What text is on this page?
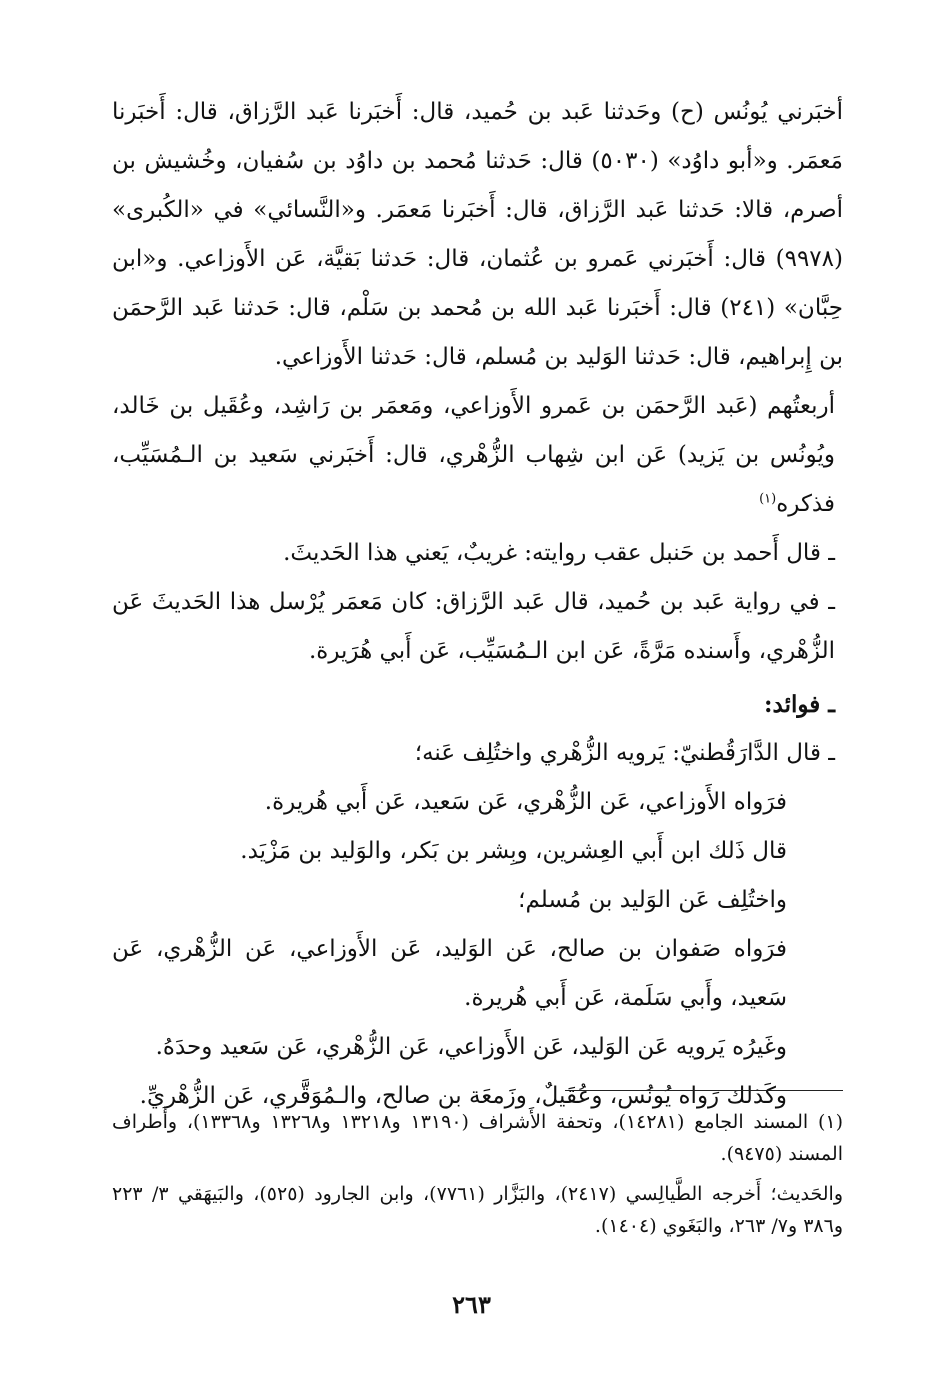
أخبَرني يُونُس (ح) وحَدثنا عَبد بن حُميد، قال: أَخبَرنا عَبد الرَّزاق، قال: أَخبَرنا مَعمَر. و«أبو داوُد» (٥٠٣٠) قال: حَدثنا مُحمد بن داوُد بن سُفيان، وخُشيش بن أصرم، قالا: حَدثنا عَبد الرَّزاق، قال: أَخبَرنا مَعمَر. و«النَّسائي» في «الكُبرى» (٩٩٧٨) قال: أَخبَرني عَمرو بن عُثمان، قال: حَدثنا بَقيَّة، عَن الأَوزاعي. و«ابن حِبَّان» (٢٤١) قال: أَخبَرنا عَبد الله بن مُحمد بن سَلْم، قال: حَدثنا عَبد الرَّحمَن بن إِبراهيم، قال: حَدثنا الوَليد بن مُسلم، قال: حَدثنا الأَوزاعي.

أربعتُهم (عَبد الرَّحمَن بن عَمرو الأَوزاعي، ومَعمَر بن رَاشِد، وعُقَيل بن خَالد، ويُونُس بن يَزيد) عَن ابن شِهاب الزُّهْري، قال: أَخبَرني سَعيد بن الـمُسَيِّب، فذكره$^{(١)}$

ـ قال أَحمد بن حَنبل عقب روايته: غريبٌ، يَعني هذا الحَديثَ.

ـ في رواية عَبد بن حُميد، قال عَبد الرَّزاق: كان مَعمَر يُرْسل هذا الحَديثَ عَن الزُّهْري، وأَسنده مَرَّةً، عَن ابن الـمُسَيِّب، عَن أَبي هُرَيرة.

ـ فوائد:

ـ قال الدَّارَقُطنيّ: يَرويه الزُّهْري واختُلِف عَنه؛

فرَواه الأَوزاعي، عَن الزُّهْري، عَن سَعيد، عَن أَبي هُريرة.

قال ذَلك ابن أَبي العِشرين، وبِشر بن بَكر، والوَليد بن مَزْيَد.

واختُلِف عَن الوَليد بن مُسلم؛

فرَواه صَفوان بن صالح، عَن الوَليد، عَن الأَوزاعي، عَن الزُّهْري، عَن سَعيد، وأَبي سَلَمة، عَن أَبي هُريرة.

وغَيرُه يَرويه عَن الوَليد، عَن الأَوزاعي، عَن الزُّهْري، عَن سَعيد وحدَهُ.

وكَذلك رَواه يُونُس، وعُقَيلٌ، وزَمعَة بن صالح، والـمُوَقَّري، عَن الزُّهْريِّ.

(١) المسند الجامع (١٤٢٨١)، وتحفة الأَشراف (١٣١٩٠ و١٣٢١٨ و١٣٢٦٨ و١٣٣٦٨)، وأَطراف المسند (٩٤٧٥).

والحَديث؛ أَخرجه الطَّيالِسي (٢٤١٧)، والبَزَّار (٧٧٦١)، وابن الجارود (٥٢٥)، والبَيهَقي ٣/ ٢٢٣ و٣٨٦ و٧/ ٢٦٣، والبَغَوي (١٤٠٤).

٢٦٣
